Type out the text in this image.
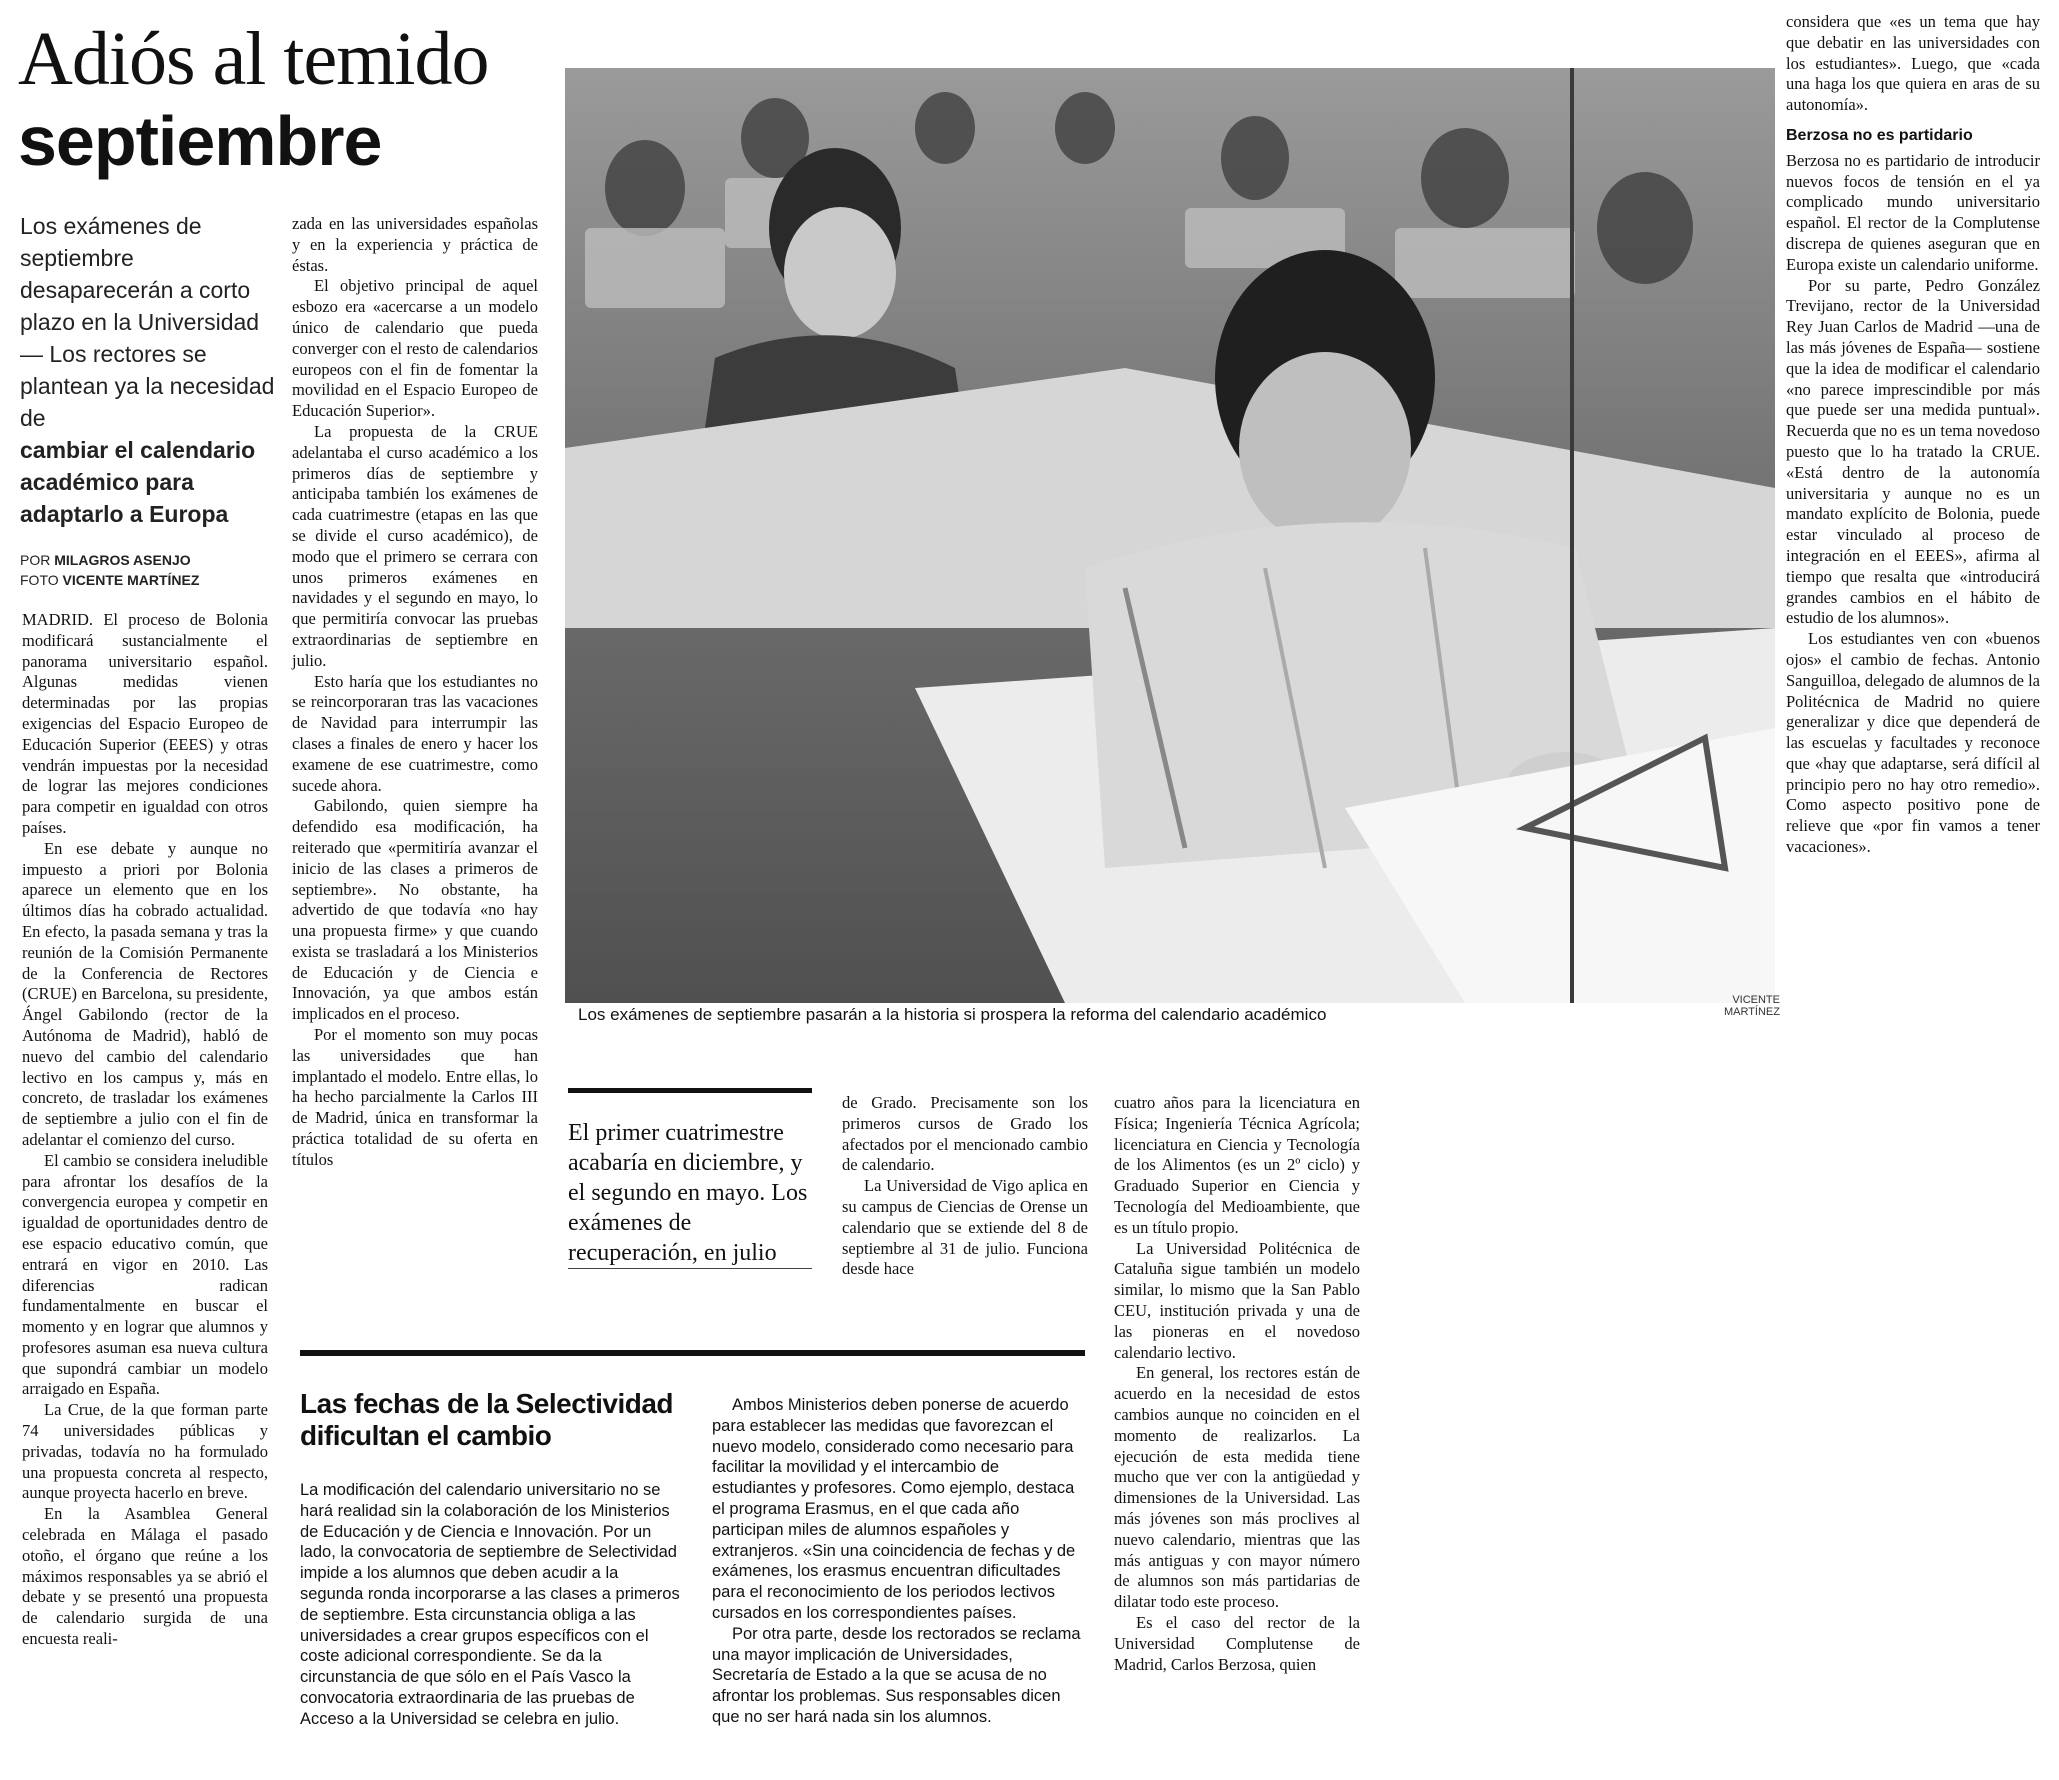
Adiós al temido
septiembre
Los exámenes de septiembre desaparecerán a corto plazo en la Universidad — Los rectores se plantean ya la necesidad de
cambiar el calendario académico para adaptarlo a Europa
POR MILAGROS ASENJO
FOTO VICENTE MARTÍNEZ

MADRID. El proceso de Bolonia modificará sustancialmente el panorama universitario español. Algunas medidas vienen determinadas por las propias exigencias del Espacio Europeo de Educación Superior (EEES) y otras vendrán impuestas por la necesidad de lograr las mejores condiciones para competir en igualdad con otros países.

En ese debate y aunque no impuesto a priori por Bolonia aparece un elemento que en los últimos días ha cobrado actualidad. En efecto, la pasada semana y tras la reunión de la Comisión Permanente de la Conferencia de Rectores (CRUE) en Barcelona, su presidente, Ángel Gabilondo (rector de la Autónoma de Madrid), habló de nuevo del cambio del calendario lectivo en los campus y, más en concreto, de trasladar los exámenes de septiembre a julio con el fin de adelantar el comienzo del curso.

El cambio se considera ineludible para afrontar los desafíos de la convergencia europea y competir en igualdad de oportunidades dentro de ese espacio educativo común, que entrará en vigor en 2010. Las diferencias radican fundamentalmente en buscar el momento y en lograr que alumnos y profesores asuman esa nueva cultura que supondrá cambiar un modelo arraigado en España.

La Crue, de la que forman parte 74 universidades públicas y privadas, todavía no ha formulado una propuesta concreta al respecto, aunque proyecta hacerlo en breve.

En la Asamblea General celebrada en Málaga el pasado otoño, el órgano que reúne a los máximos responsables ya se abrió el debate y se presentó una propuesta de calendario surgida de una encuesta reali-

zada en las universidades españolas y en la experiencia y práctica de éstas.

El objetivo principal de aquel esbozo era «acercarse a un modelo único de calendario que pueda converger con el resto de calendarios europeos con el fin de fomentar la movilidad en el Espacio Europeo de Educación Superior».

La propuesta de la CRUE adelantaba el curso académico a los primeros días de septiembre y anticipaba también los exámenes de cada cuatrimestre (etapas en las que se divide el curso académico), de modo que el primero se cerrara con unos primeros exámenes en navidades y el segundo en mayo, lo que permitiría convocar las pruebas extraordinarias de septiembre en julio.

Esto haría que los estudiantes no se reincorporaran tras las vacaciones de Navidad para interrumpir las clases a finales de enero y hacer los examene de ese cuatrimestre, como sucede ahora.

Gabilondo, quien siempre ha defendido esa modificación, ha reiterado que «permitiría avanzar el inicio de las clases a primeros de septiembre». No obstante, ha advertido de que todavía «no hay una propuesta firme» y que cuando exista se trasladará a los Ministerios de Educación y de Ciencia e Innovación, ya que ambos están implicados en el proceso.

Por el momento son muy pocas las universidades que han implantado el modelo. Entre ellas, lo ha hecho parcialmente la Carlos III de Madrid, única en transformar la práctica totalidad de su oferta en títulos

Los exámenes de septiembre pasarán a la historia si prospera la reforma del calendario académico
VICENTE MARTÍNEZ
El primer cuatrimestre acabaría en diciembre, y el segundo en mayo. Los exámenes de recuperación, en julio

de Grado. Precisamente son los primeros cursos de Grado los afectados por el mencionado cambio de calendario.

La Universidad de Vigo aplica en su campus de Ciencias de Orense un calendario que se extiende del 8 de septiembre al 31 de julio. Funciona desde hace

cuatro años para la licenciatura en Física; Ingeniería Técnica Agrícola; licenciatura en Ciencia y Tecnología de los Alimentos (es un 2º ciclo) y Graduado Superior en Ciencia y Tecnología del Medioambiente, que es un título propio.

La Universidad Politécnica de Cataluña sigue también un modelo similar, lo mismo que la San Pablo CEU, institución privada y una de las pioneras en el novedoso calendario lectivo.

En general, los rectores están de acuerdo en la necesidad de estos cambios aunque no coinciden en el momento de realizarlos. La ejecución de esta medida tiene mucho que ver con la antigüedad y dimensiones de la Universidad. Las más jóvenes son más proclives al nuevo calendario, mientras que las más antiguas y con mayor número de alumnos son más partidarias de dilatar todo este proceso.

Es el caso del rector de la Universidad Complutense de Madrid, Carlos Berzosa, quien

considera que «es un tema que hay que debatir en las universidades con los estudiantes». Luego, que «cada una haga los que quiera en aras de su autonomía».

Berzosa no es partidario

Berzosa no es partidario de introducir nuevos focos de tensión en el ya complicado mundo universitario español. El rector de la Complutense discrepa de quienes aseguran que en Europa existe un calendario uniforme.

Por su parte, Pedro González Trevijano, rector de la Universidad Rey Juan Carlos de Madrid —una de las más jóvenes de España— sostiene que la idea de modificar el calendario «no parece imprescindible por más que puede ser una medida puntual». Recuerda que no es un tema novedoso puesto que lo ha tratado la CRUE. «Está dentro de la autonomía universitaria y aunque no es un mandato explícito de Bolonia, puede estar vinculado al proceso de integración en el EEES», afirma al tiempo que resalta que «introducirá grandes cambios en el hábito de estudio de los alumnos».

Los estudiantes ven con «buenos ojos» el cambio de fechas. Antonio Sanguilloa, delegado de alumnos de la Politécnica de Madrid no quiere generalizar y dice que dependerá de las escuelas y facultades y reconoce que «hay que adaptarse, será difícil al principio pero no hay otro remedio». Como aspecto positivo pone de relieve que «por fin vamos a tener vacaciones».

Las fechas de la Selectividad dificultan el cambio

La modificación del calendario universitario no se hará realidad sin la colaboración de los Ministerios de Educación y de Ciencia e Innovación. Por un lado, la convocatoria de septiembre de Selectividad impide a los alumnos que deben acudir a la segunda ronda incorporarse a las clases a primeros de septiembre. Esta circunstancia obliga a las universidades a crear grupos específicos con el coste adicional correspondiente. Se da la circunstancia de que sólo en el País Vasco la convocatoria extraordinaria de las pruebas de Acceso a la Universidad se celebra en julio.

Ambos Ministerios deben ponerse de acuerdo para establecer las medidas que favorezcan el nuevo modelo, considerado como necesario para facilitar la movilidad y el intercambio de estudiantes y profesores. Como ejemplo, destaca el programa Erasmus, en el que cada año participan miles de alumnos españoles y extranjeros. «Sin una coincidencia de fechas y de exámenes, los erasmus encuentran dificultades para el reconocimiento de los periodos lectivos cursados en los correspondientes países.

Por otra parte, desde los rectorados se reclama una mayor implicación de Universidades, Secretaría de Estado a la que se acusa de no afrontar los problemas. Sus responsables dicen que no ser hará nada sin los alumnos.
